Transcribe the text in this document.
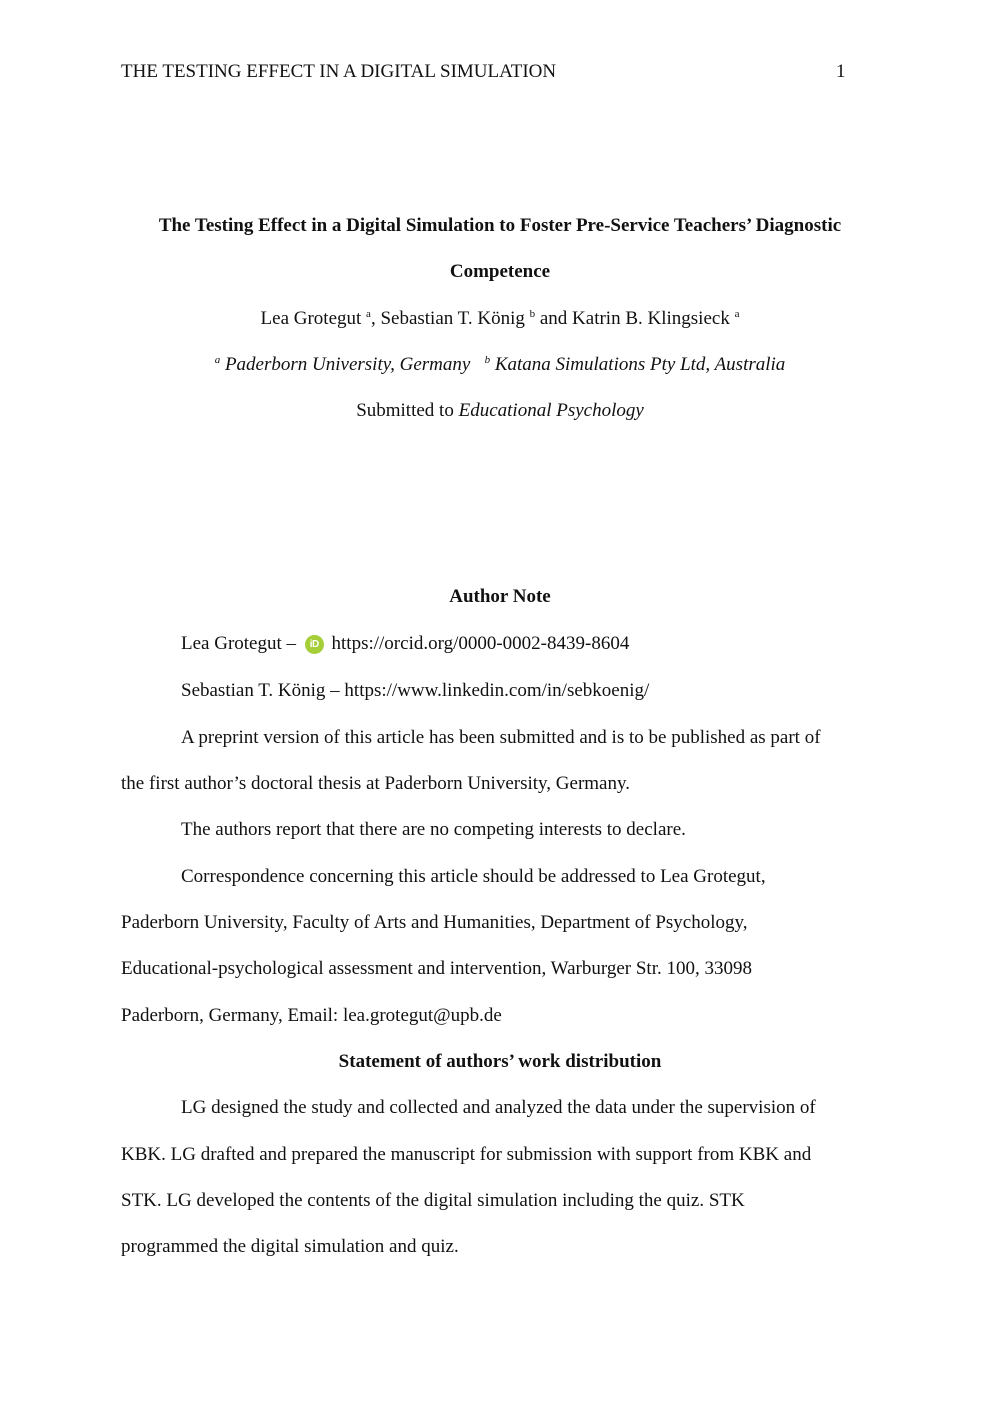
THE TESTING EFFECT IN A DIGITAL SIMULATION	1
The Testing Effect in a Digital Simulation to Foster Pre-Service Teachers’ Diagnostic
Competence
Lea Grotegut $^a$, Sebastian T. König $^b$ and Katrin B. Klingsieck $^a$
$^a$ Paderborn University, Germany $^b$ Katana Simulations Pty Ltd, Australia
Submitted to Educational Psychology
Author Note
Lea Grotegut – iD https://orcid.org/0000-0002-8439-8604
Sebastian T. König – https://www.linkedin.com/in/sebkoenig/
A preprint version of this article has been submitted and is to be published as part of
the first author’s doctoral thesis at Paderborn University, Germany.
The authors report that there are no competing interests to declare.
Correspondence concerning this article should be addressed to Lea Grotegut,
Paderborn University, Faculty of Arts and Humanities, Department of Psychology,
Educational-psychological assessment and intervention, Warburger Str. 100, 33098
Paderborn, Germany, Email: lea.grotegut@upb.de
Statement of authors’ work distribution
LG designed the study and collected and analyzed the data under the supervision of
KBK. LG drafted and prepared the manuscript for submission with support from KBK and
STK. LG developed the contents of the digital simulation including the quiz. STK
programmed the digital simulation and quiz.
